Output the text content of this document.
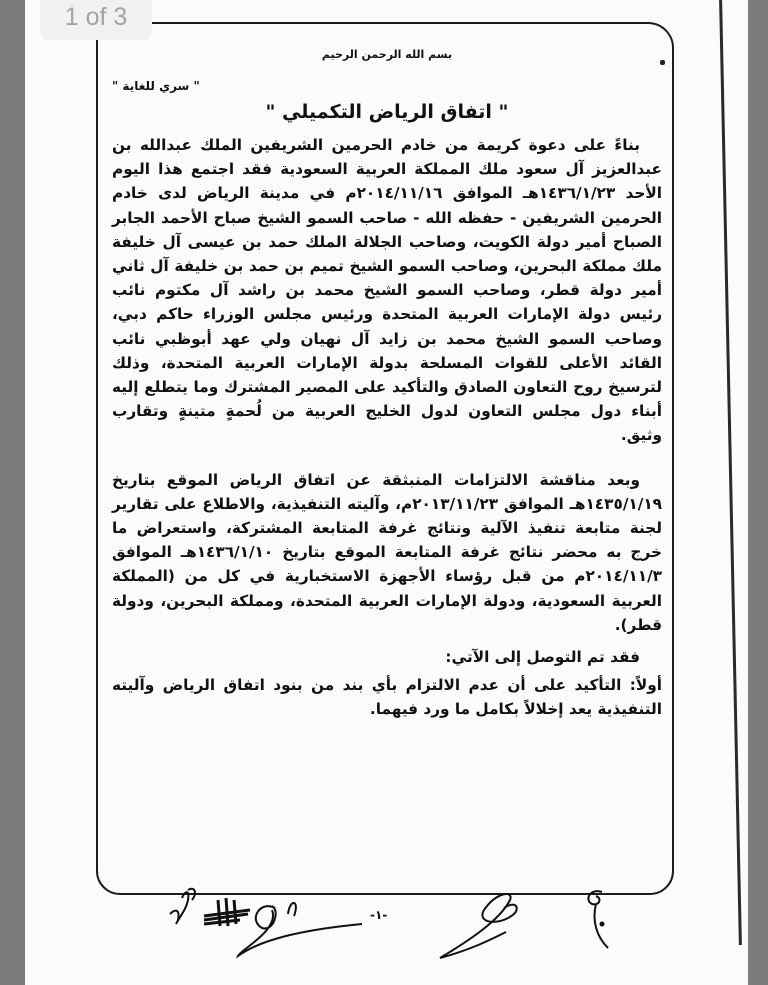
بسم الله الرحمن الرحيم

" سري للغاية "

" اتفاق الرياض التكميلي "

بناءً على دعوة كريمة من خادم الحرمين الشريفين الملك عبدالله بن عبدالعزيز آل سعود ملك المملكة العربية السعودية فقد اجتمع هذا اليوم الأحد ١٤٣٦/١/٢٣هـ الموافق ٢٠١٤/١١/١٦م في مدينة الرياض لدى خادم الحرمين الشريفين - حفظه الله - صاحب السمو الشيخ صباح الأحمد الجابر الصباح أمير دولة الكويت، وصاحب الجلالة الملك حمد بن عيسى آل خليفة ملك مملكة البحرين، وصاحب السمو الشيخ تميم بن حمد بن خليفة آل ثاني أمير دولة قطر، وصاحب السمو الشيخ محمد بن راشد آل مكتوم نائب رئيس دولة الإمارات العربية المتحدة ورئيس مجلس الوزراء حاكم دبي، وصاحب السمو الشيخ محمد بن زايد آل نهيان ولي عهد أبوظبي نائب القائد الأعلى للقوات المسلحة بدولة الإمارات العربية المتحدة، وذلك لترسيخ روح التعاون الصادق والتأكيد على المصير المشترك وما يتطلع إليه أبناء دول مجلس التعاون لدول الخليج العربية من لُحمةٍ متينةٍ وتقارب وثيق.

وبعد مناقشة الالتزامات المنبثقة عن اتفاق الرياض الموقع بتاريخ ١٤٣٥/١/١٩هـ الموافق ٢٠١٣/١١/٢٣م، وآليته التنفيذية، والاطلاع على تقارير لجنة متابعة تنفيذ الآلية ونتائج غرفة المتابعة المشتركة، واستعراض ما خرج به محضر نتائج غرفة المتابعة الموقع بتاريخ ١٤٣٦/١/١٠هـ الموافق ٢٠١٤/١١/٣م من قبل رؤساء الأجهزة الاستخبارية في كل من (المملكة العربية السعودية، ودولة الإمارات العربية المتحدة، ومملكة البحرين، ودولة قطر).

فقد تم التوصل إلى الآتي:

أولاً: التأكيد على أن عدم الالتزام بأي بند من بنود اتفاق الرياض وآليته التنفيذية يعد إخلالاً بكامل ما ورد فيهما.

-١-
1 of 3
